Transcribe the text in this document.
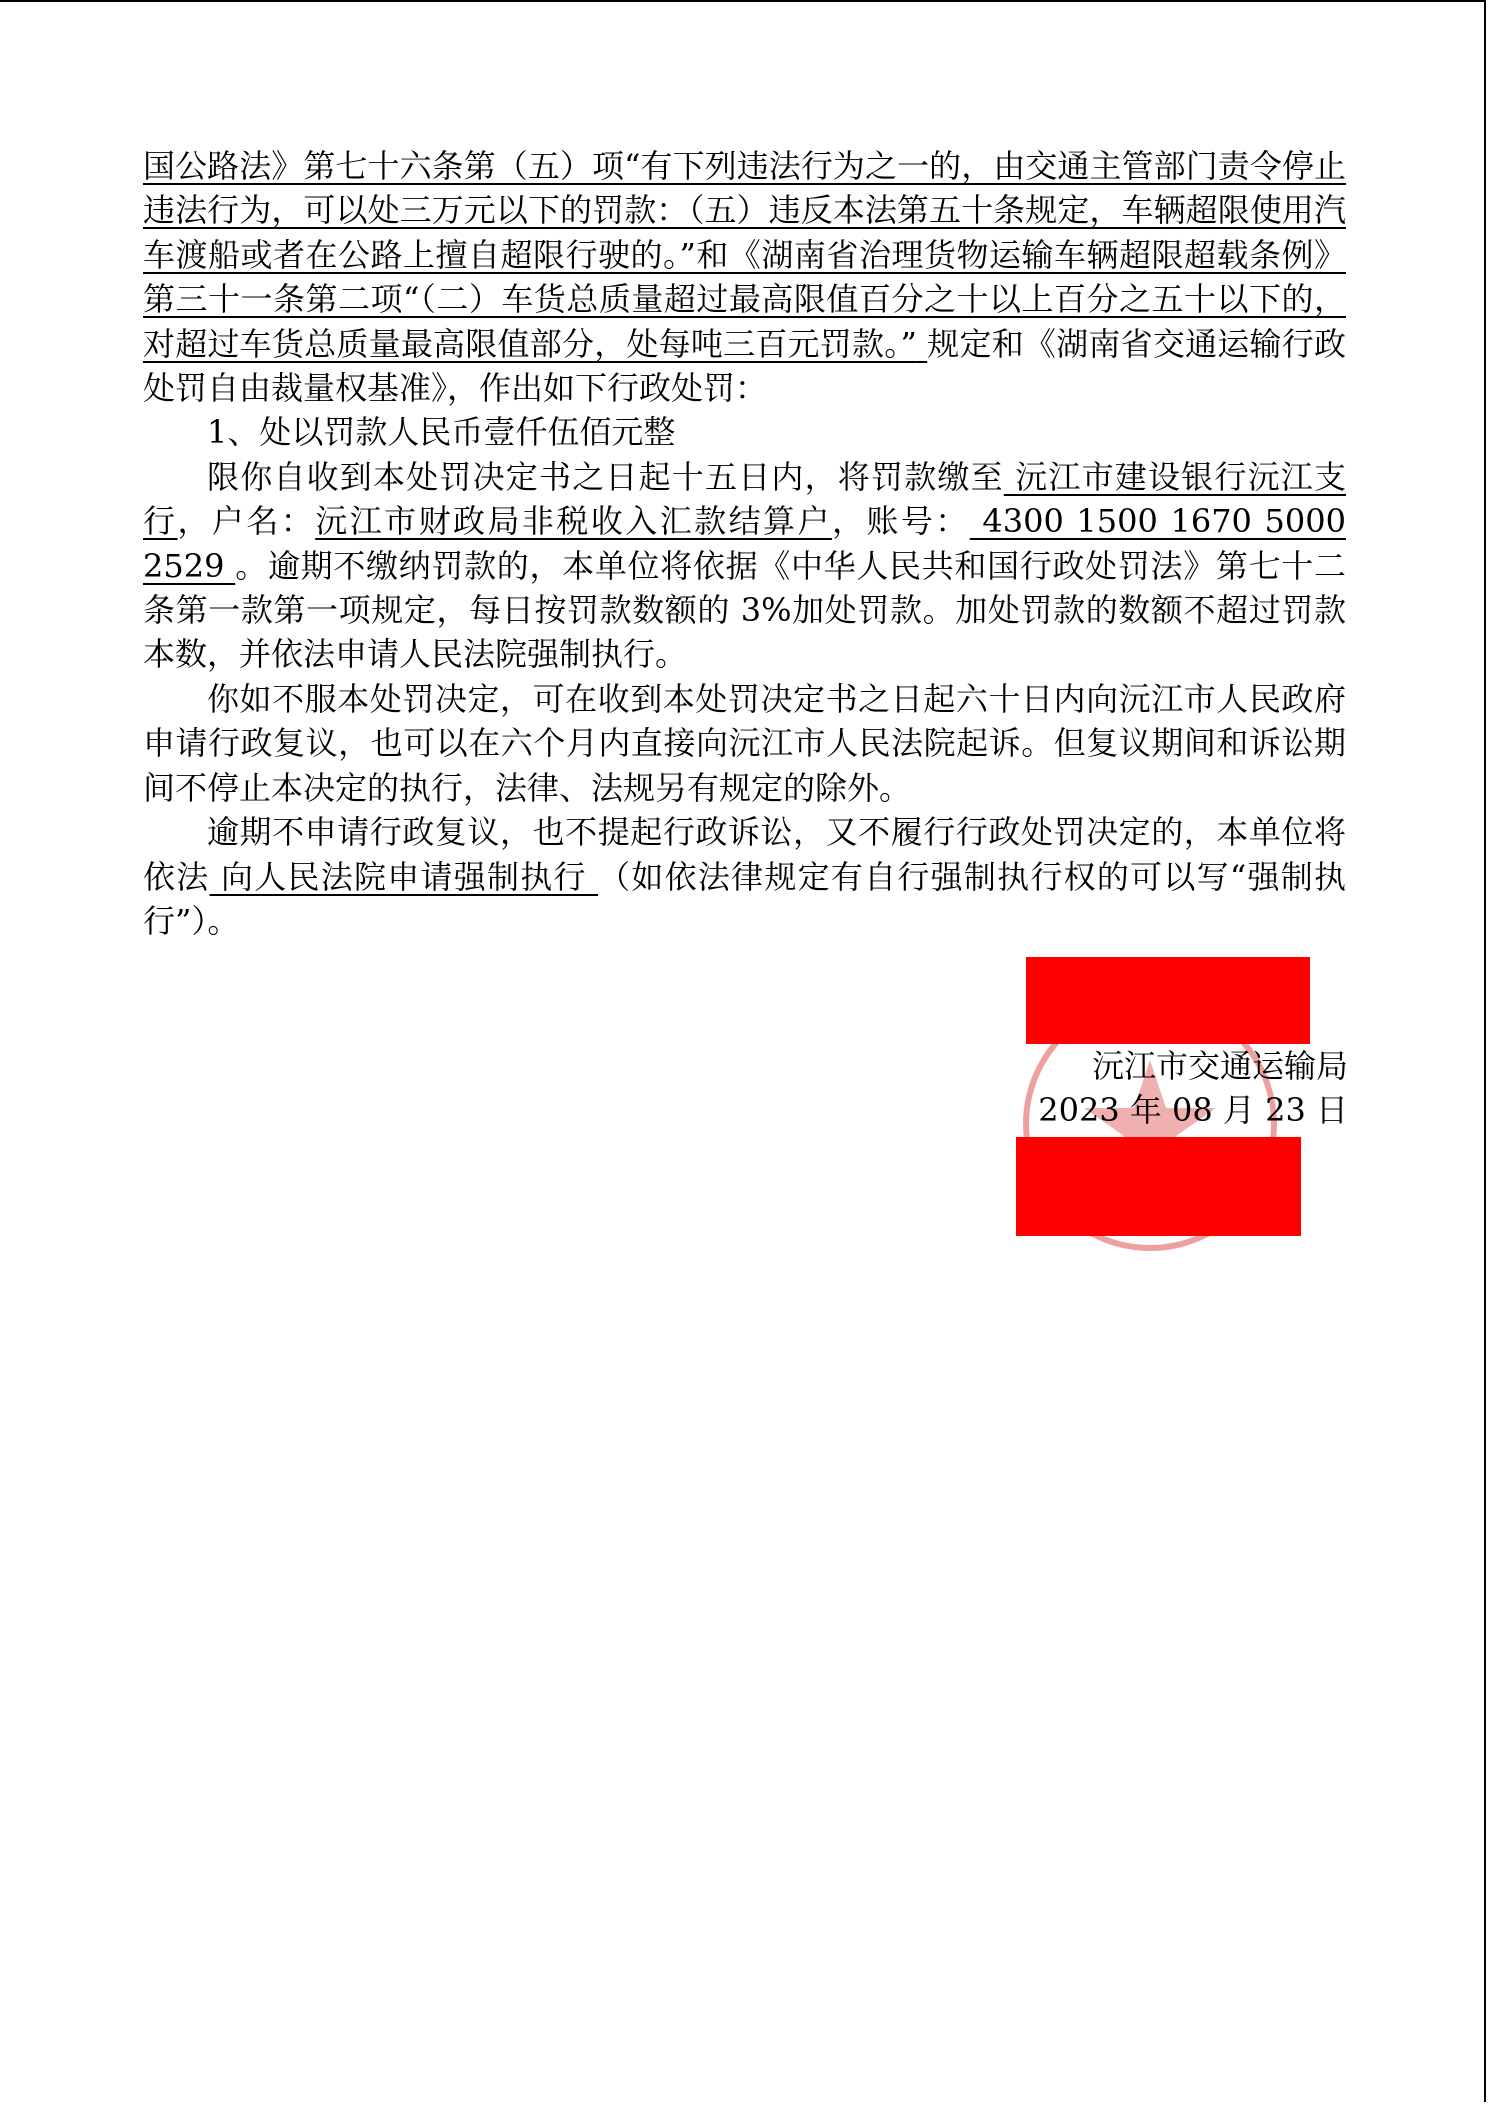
国公路法》第七十六条第（五）项“有下列违法行为之一的，由交通主管部门责令停止违法行为，可以处三万元以下的罚款：（五）违反本法第五十条规定，车辆超限使用汽车渡船或者在公路上擅自超限行驶的。”和《湖南省治理货物运输车辆超限超载条例》第三十一条第二项“（二）车货总质量超过最高限值百分之十以上百分之五十以下的，对超过车货总质量最高限值部分，处每吨三百元罚款。” 规定和《湖南省交通运输行政处罚自由裁量权基准》，作出如下行政处罚：

1、处以罚款人民币壹仟伍佰元整

限你自收到本处罚决定书之日起十五日内，将罚款缴至 沅江市建设银行沅江支行，户名：沅江市财政局非税收入汇款结算户，账号： 4300 1500 1670 5000 2529 。逾期不缴纳罚款的，本单位将依据《中华人民共和国行政处罚法》第七十二条第一款第一项规定，每日按罚款数额的 3%加处罚款。加处罚款的数额不超过罚款本数，并依法申请人民法院强制执行。

你如不服本处罚决定，可在收到本处罚决定书之日起六十日内向沅江市人民政府申请行政复议，也可以在六个月内直接向沅江市人民法院起诉。但复议期间和诉讼期间不停止本决定的执行，法律、法规另有规定的除外。

逾期不申请行政复议，也不提起行政诉讼，又不履行行政处罚决定的，本单位将依法 向人民法院申请强制执行 （如依法律规定有自行强制执行权的可以写“强制执行”）。

沅江市交通运输局
2023 年 08 月 23 日
